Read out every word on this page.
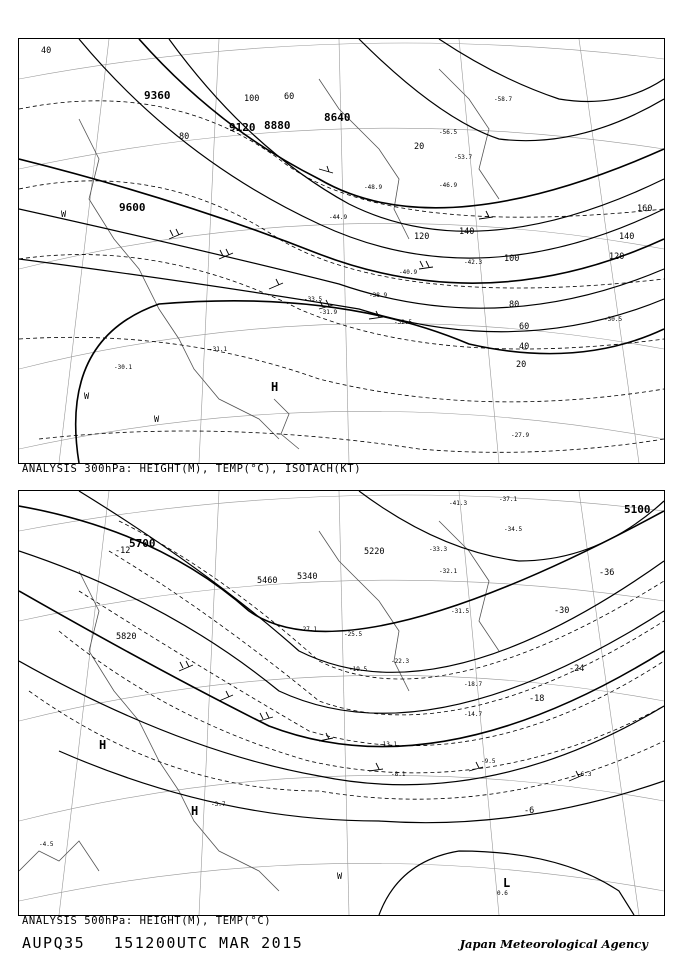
9360
9120 8880
8640
9600
40
60
80
100
120	140
20
120
140
100
80
60
40
20
160
-58.7
-56.5
-53.7
-48.9	-46.9
-44.9
-42.3
-40.9
-38.9
-33.5
-32.5
-31.9
-30.1
-31.1
-27.9
-30.5
H
W
W
W
ANALYSIS 300hPa: HEIGHT(M), TEMP(°C), ISOTACH(KT)
5700
5820
5460 5340
5220
5100
-12
-36
-30
-24
-18
-6
-41.3
-37.1
-34.5
-33.3
-32.1
-31.5
-27.1
-25.5
-22.3
-19.5
-18.7
-14.7
-13.1
-9.5
-8.1	-6.3
-4.5
-3.7
0.6
H
H
L
W
ANALYSIS 500hPa: HEIGHT(M), TEMP(°C)
AUPQ35 151200UTC MAR 2015	Japan Meteorological Agency
